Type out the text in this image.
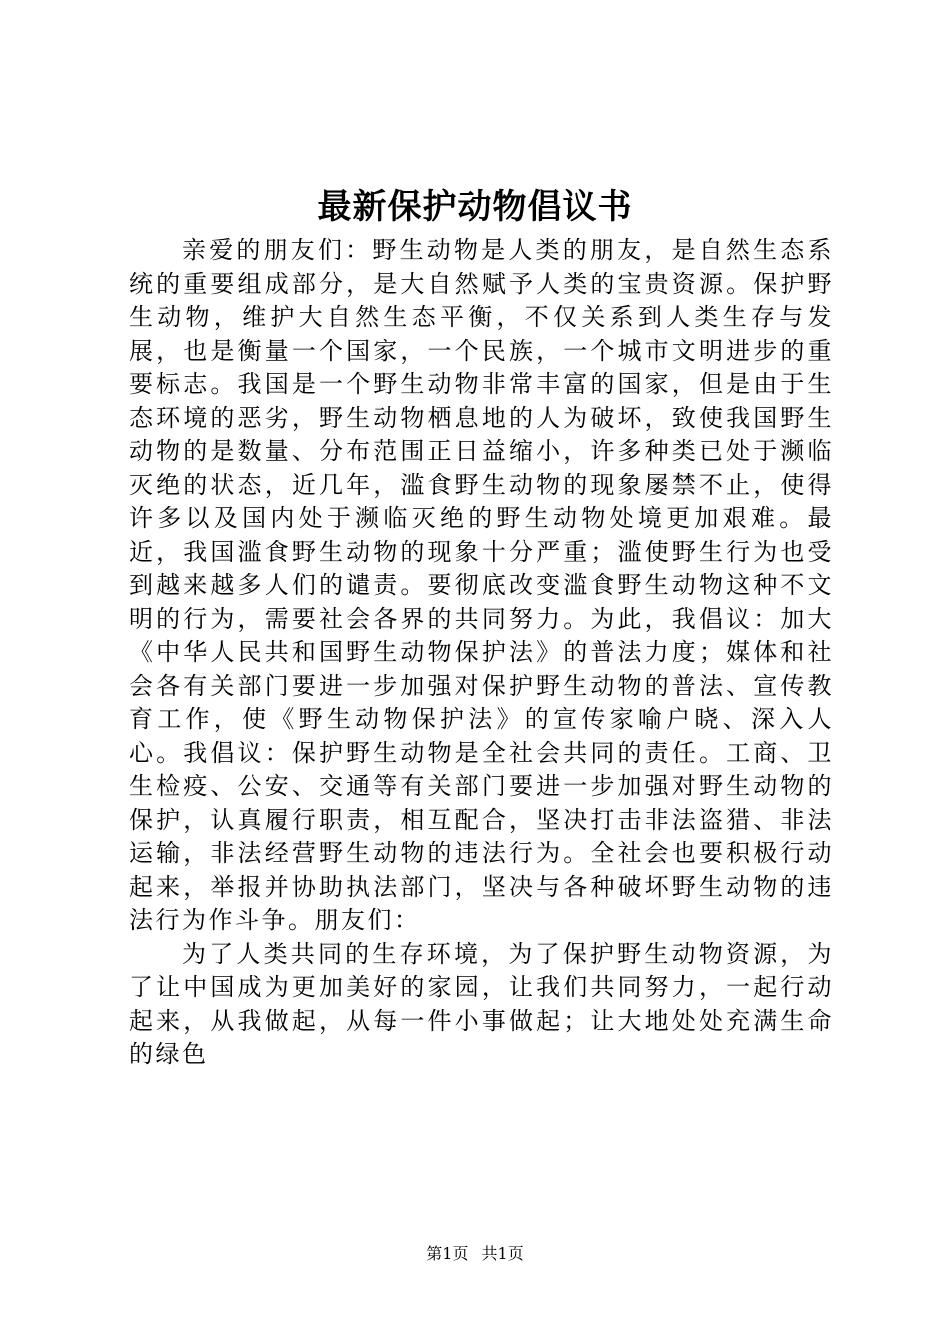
最新保护动物倡议书

亲爱的朋友们：野生动物是人类的朋友，是自然生态系统的重要组成部分，是大自然赋予人类的宝贵资源。保护野生动物，维护大自然生态平衡，不仅关系到人类生存与发展，也是衡量一个国家，一个民族，一个城市文明进步的重要标志。我国是一个野生动物非常丰富的国家，但是由于生态环境的恶劣，野生动物栖息地的人为破坏，致使我国野生动物的是数量、分布范围正日益缩小，许多种类已处于濒临灭绝的状态，近几年，滥食野生动物的现象屡禁不止，使得许多以及国内处于濒临灭绝的野生动物处境更加艰难。最近，我国滥食野生动物的现象十分严重；滥使野生行为也受到越来越多人们的谴责。要彻底改变滥食野生动物这种不文明的行为，需要社会各界的共同努力。为此，我倡议：加大《中华人民共和国野生动物保护法》的普法力度；媒体和社会各有关部门要进一步加强对保护野生动物的普法、宣传教育工作，使《野生动物保护法》的宣传家喻户晓、深入人心。我倡议：保护野生动物是全社会共同的责任。工商、卫生检疫、公安、交通等有关部门要进一步加强对野生动物的保护，认真履行职责，相互配合，坚决打击非法盗猎、非法运输，非法经营野生动物的违法行为。全社会也要积极行动起来，举报并协助执法部门，坚决与各种破坏野生动物的违法行为作斗争。朋友们：

为了人类共同的生存环境，为了保护野生动物资源，为了让中国成为更加美好的家园，让我们共同努力，一起行动起来，从我做起，从每一件小事做起；让大地处处充满生命的绿色

第1页 共1页
